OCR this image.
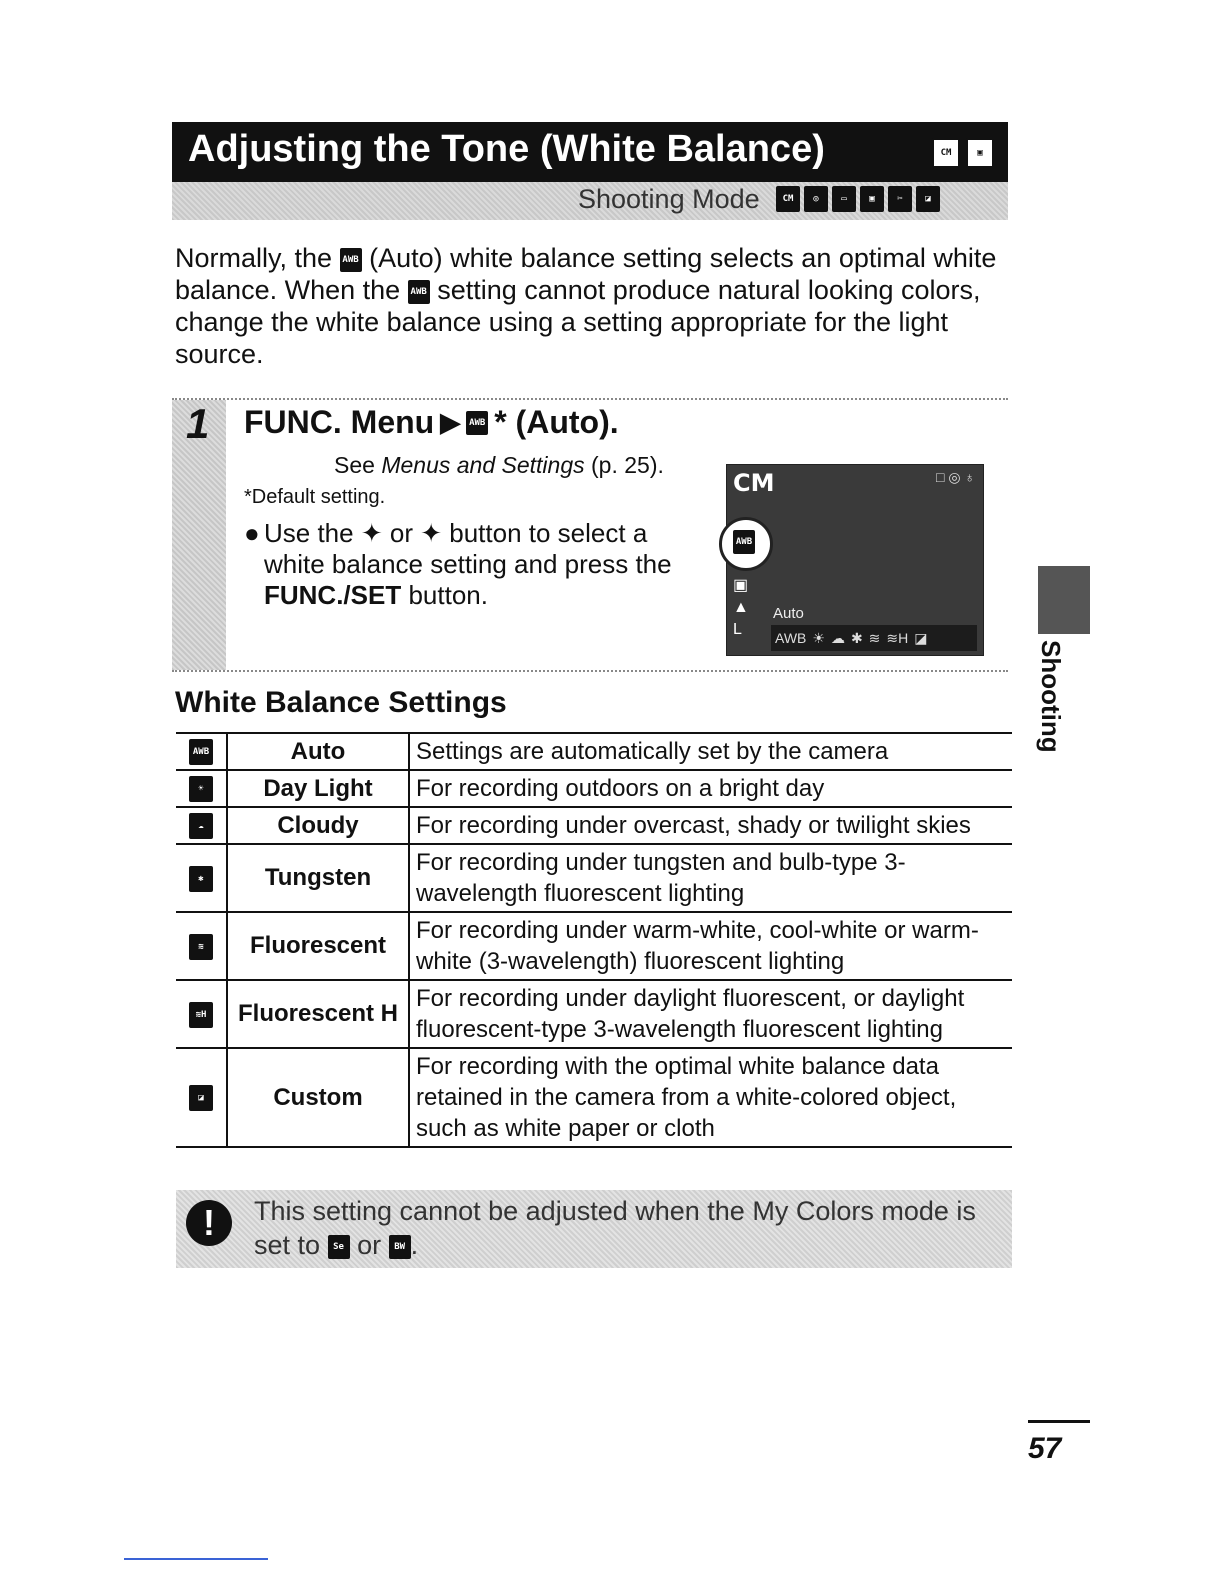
Adjusting the Tone (White Balance)	CM	▣
Shooting Mode	CM	◎	▭	▣	✂	◪
Normally, the AWB (Auto) white balance setting selects an optimal white balance. When the AWB setting cannot produce natural looking colors, change the white balance using a setting appropriate for the light source.
1 FUNC. Menu ▶ AWB * (Auto).
See Menus and Settings (p. 25).
*Default setting.
● Use the ✦ or ✦ button to select a white balance setting and press the FUNC./SET button.
CM	□ ◎ ♁
AWB
▣
▲
L
Auto
AWB ☀ ☁ ✱ ≋ ≋H ◪
White Balance Settings
AWB	Auto	Settings are automatically set by the camera
☀	Day Light	For recording outdoors on a bright day
☁	Cloudy	For recording under overcast, shady or twilight skies
✱	Tungsten	For recording under tungsten and bulb-type 3-wavelength fluorescent lighting
≋	Fluorescent	For recording under warm-white, cool-white or warm-white (3-wavelength) fluorescent lighting
≋H	Fluorescent H	For recording under daylight fluorescent, or daylight fluorescent-type 3-wavelength fluorescent lighting
◪	Custom	For recording with the optimal white balance data retained in the camera from a white-colored object, such as white paper or cloth
Shooting
!	This setting cannot be adjusted when the My Colors mode is set to Se or BW .
57
